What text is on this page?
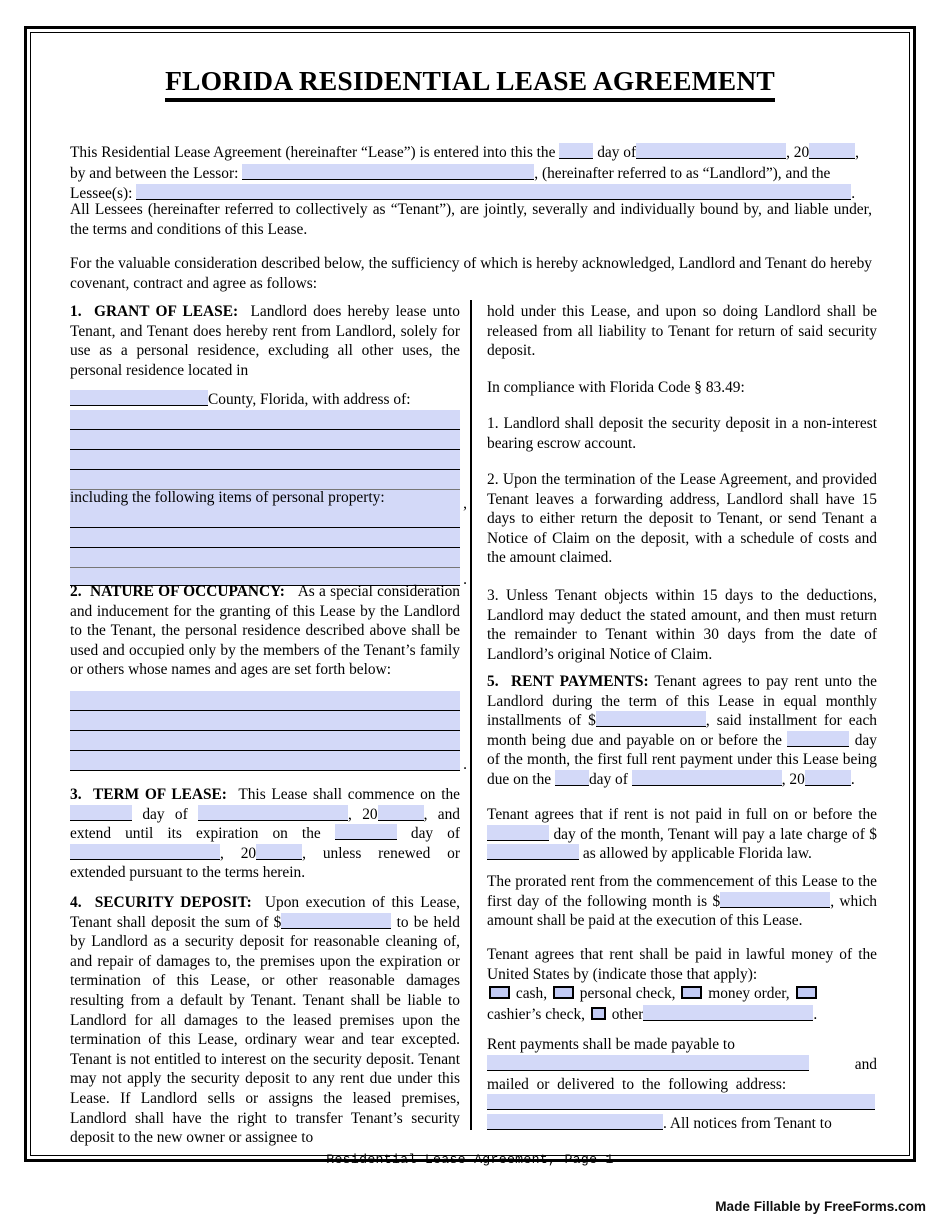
FLORIDA RESIDENTIAL LEASE AGREEMENT
This Residential Lease Agreement (hereinafter “Lease”) is entered into this the	day of	, 20	,
by and between the Lessor:	, (hereinafter referred to as “Landlord”), and the
Lessee(s):	.
All Lessees (hereinafter referred to collectively as “Tenant”), are jointly, severally and individually bound by, and liable under, the terms and conditions of this Lease.
For the valuable consideration described below, the sufficiency of which is hereby acknowledged, Landlord and Tenant do hereby covenant, contract and agree as follows:
1. GRANT OF LEASE: Landlord does hereby lease unto Tenant, and Tenant does hereby rent from Landlord, solely for use as a personal residence, excluding all other uses, the personal residence located in
County, Florida, with address of:
,
including the following items of personal property:
.
2. NATURE OF OCCUPANCY: As a special consideration and inducement for the granting of this Lease by the Landlord to the Tenant, the personal residence described above shall be used and occupied only by the members of the Tenant’s family or others whose names and ages are set forth below:
.
3. TERM OF LEASE: This Lease shall commence on the  day of	, 20	, and extend until its expiration on the	day of , 20	, unless renewed or extended pursuant to the terms herein.
4. SECURITY DEPOSIT: Upon execution of this Lease, Tenant shall deposit the sum of $	to be held by Landlord as a security deposit for reasonable cleaning of, and repair of damages to, the premises upon the expiration or termination of this Lease, or other reasonable damages resulting from a default by Tenant. Tenant shall be liable to Landlord for all damages to the leased premises upon the termination of this Lease, ordinary wear and tear excepted. Tenant is not entitled to interest on the security deposit. Tenant may not apply the security deposit to any rent due under this Lease. If Landlord sells or assigns the leased premises, Landlord shall have the right to transfer Tenant’s security deposit to the new owner or assignee to
hold under this Lease, and upon so doing Landlord shall be released from all liability to Tenant for return of said security deposit.
In compliance with Florida Code § 83.49:
1. Landlord shall deposit the security deposit in a non-interest bearing escrow account.
2. Upon the termination of the Lease Agreement, and provided Tenant leaves a forwarding address, Landlord shall have 15 days to either return the deposit to Tenant, or send Tenant a Notice of Claim on the deposit, with a schedule of costs and the amount claimed.
3. Unless Tenant objects within 15 days to the deductions, Landlord may deduct the stated amount, and then must return the remainder to Tenant within 30 days from the date of Landlord’s original Notice of Claim.
5. RENT PAYMENTS: Tenant agrees to pay rent unto the Landlord during the term of this Lease in equal monthly installments of $	, said installment for each month being due and payable on or before the	day of the month, the first full rent payment under this Lease being due on the day of	, 20	.
Tenant agrees that if rent is not paid in full on or before the  day of the month, Tenant will pay a late charge of $ as allowed by applicable Florida law.
The prorated rent from the commencement of this Lease to the first day of the following month is $	, which amount shall be paid at the execution of this Lease.
Tenant agrees that rent shall be paid in lawful money of the United States by (indicate those that apply):
cash, personal check, money order,
cashier’s check, other	.
Rent payments shall be made payable to
and
mailed  or  delivered  to  the  following  address:
. All notices from Tenant to
Residential Lease Agreement, Page 1
Made Fillable by FreeForms.com
